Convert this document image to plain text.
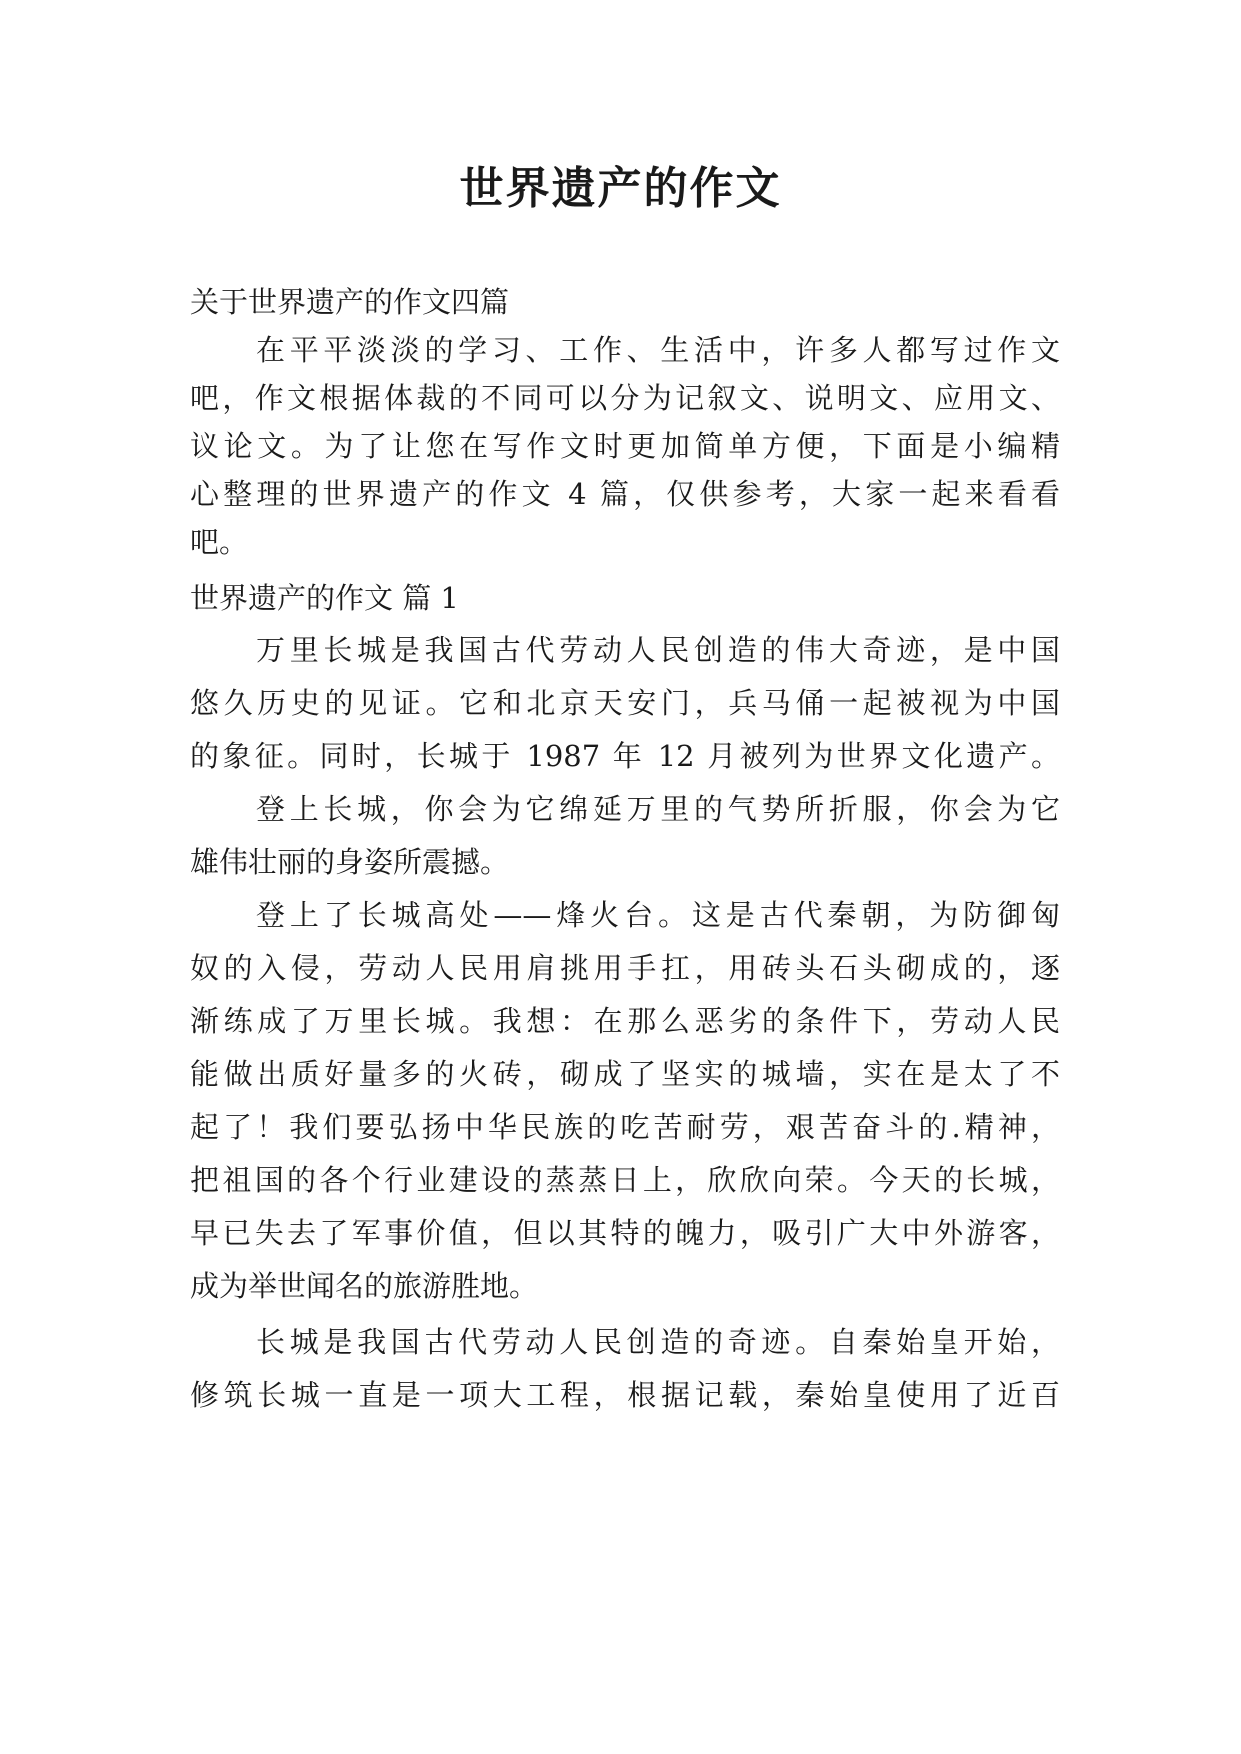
世界遗产的作文

关于世界遗产的作文四篇

在平平淡淡的学习、工作、生活中，许多人都写过作文

吧，作文根据体裁的不同可以分为记叙文、说明文、应用文、

议论文。为了让您在写作文时更加简单方便，下面是小编精

心整理的世界遗产的作文 4 篇，仅供参考，大家一起来看看

吧。

世界遗产的作文 篇 1

万里长城是我国古代劳动人民创造的伟大奇迹，是中国

悠久历史的见证。它和北京天安门，兵马俑一起被视为中国

的象征。同时，长城于 1987 年 12 月被列为世界文化遗产。

登上长城，你会为它绵延万里的气势所折服，你会为它

雄伟壮丽的身姿所震撼。

登上了长城高处——烽火台。这是古代秦朝，为防御匈

奴的入侵，劳动人民用肩挑用手扛，用砖头石头砌成的，逐

渐练成了万里长城。我想：在那么恶劣的条件下，劳动人民

能做出质好量多的火砖，砌成了坚实的城墙，实在是太了不

起了！我们要弘扬中华民族的吃苦耐劳，艰苦奋斗的.精神，

把祖国的各个行业建设的蒸蒸日上，欣欣向荣。今天的长城，

早已失去了军事价值，但以其特的魄力，吸引广大中外游客，

成为举世闻名的旅游胜地。

长城是我国古代劳动人民创造的奇迹。自秦始皇开始，

修筑长城一直是一项大工程，根据记载，秦始皇使用了近百
